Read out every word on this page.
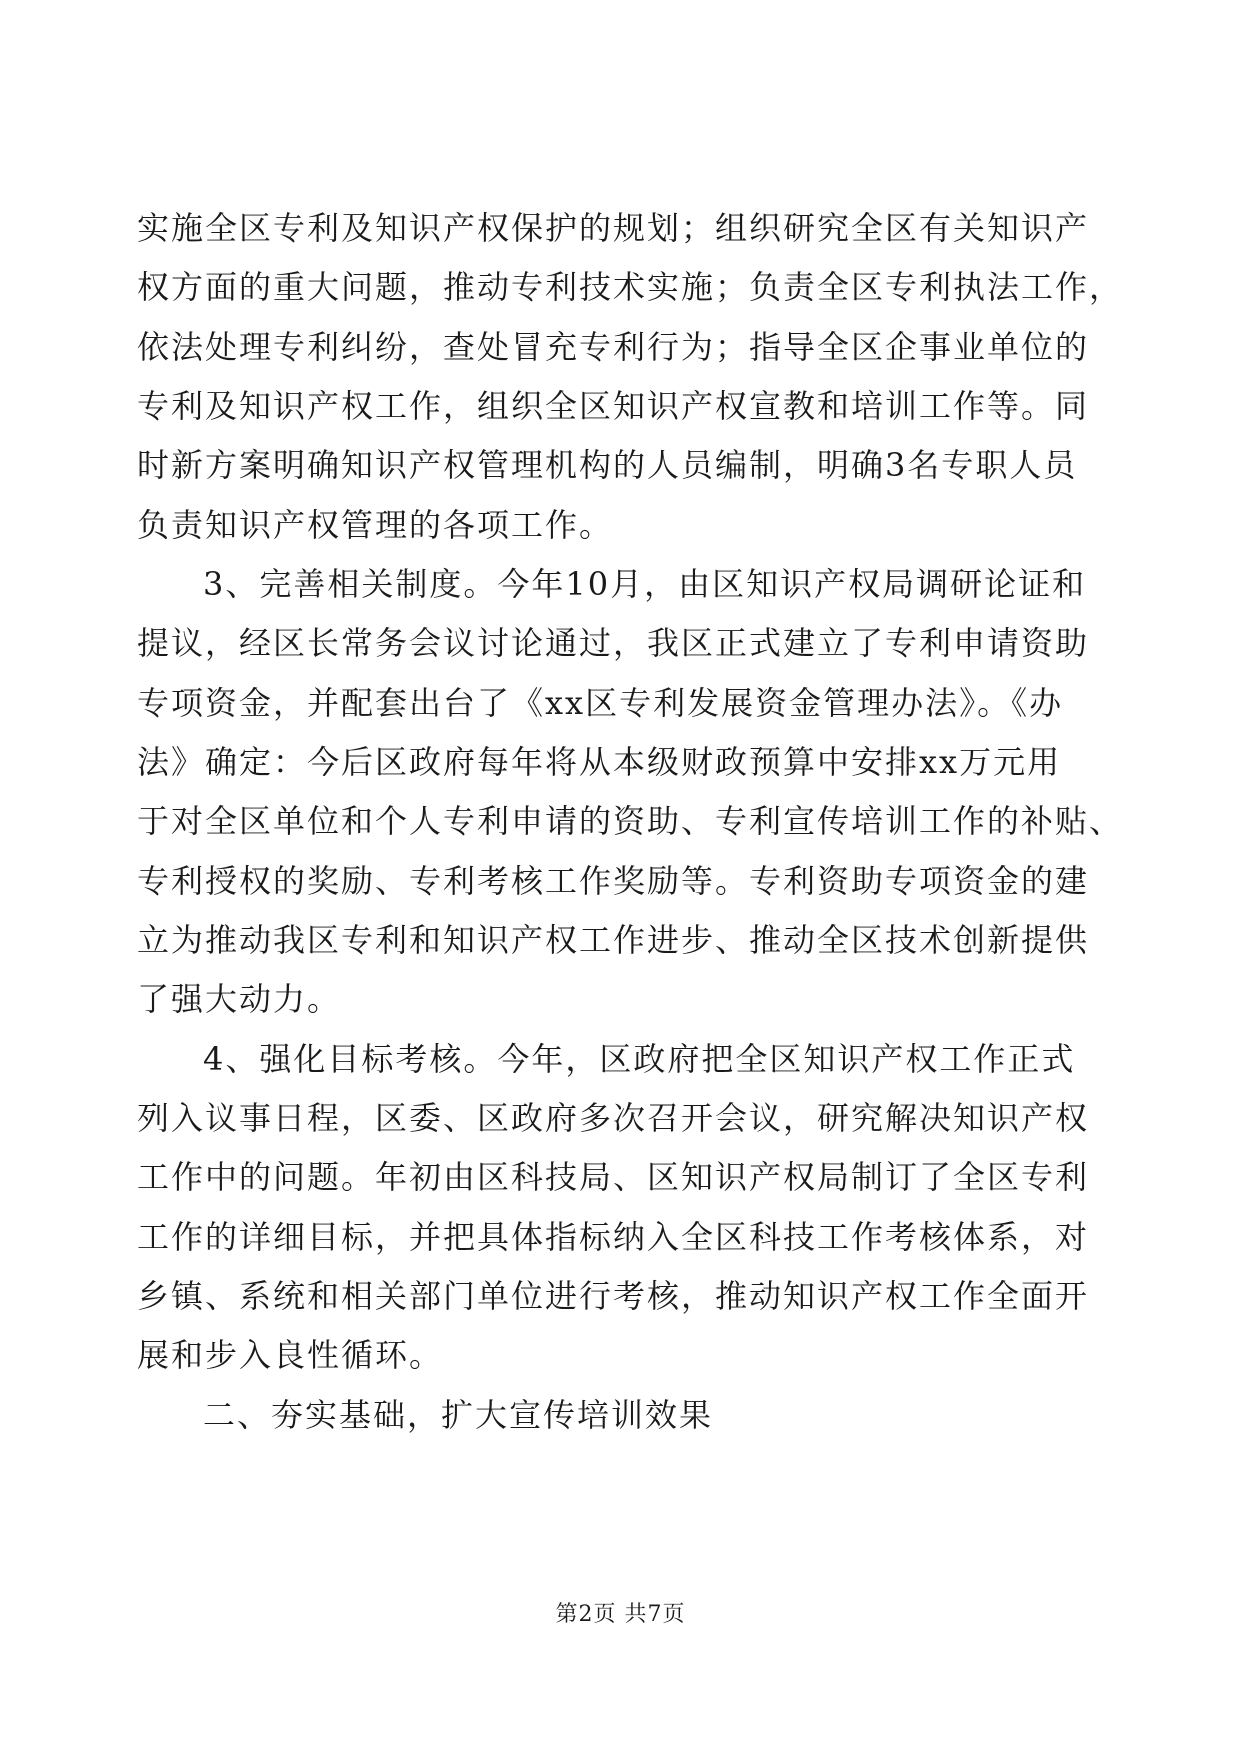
实施全区专利及知识产权保护的规划；组织研究全区有关知识产
权方面的重大问题，推动专利技术实施；负责全区专利执法工作，
依法处理专利纠纷，查处冒充专利行为；指导全区企事业单位的
专利及知识产权工作，组织全区知识产权宣教和培训工作等。同
时新方案明确知识产权管理机构的人员编制，明确3名专职人员
负责知识产权管理的各项工作。
3、完善相关制度。今年10月，由区知识产权局调研论证和
提议，经区长常务会议讨论通过，我区正式建立了专利申请资助
专项资金，并配套出台了《xx区专利发展资金管理办法》。《办
法》确定：今后区政府每年将从本级财政预算中安排xx万元用
于对全区单位和个人专利申请的资助、专利宣传培训工作的补贴、
专利授权的奖励、专利考核工作奖励等。专利资助专项资金的建
立为推动我区专利和知识产权工作进步、推动全区技术创新提供
了强大动力。
4、强化目标考核。今年，区政府把全区知识产权工作正式
列入议事日程，区委、区政府多次召开会议，研究解决知识产权
工作中的问题。年初由区科技局、区知识产权局制订了全区专利
工作的详细目标，并把具体指标纳入全区科技工作考核体系，对
乡镇、系统和相关部门单位进行考核，推动知识产权工作全面开
展和步入良性循环。
二、夯实基础，扩大宣传培训效果
第2页 共7页
